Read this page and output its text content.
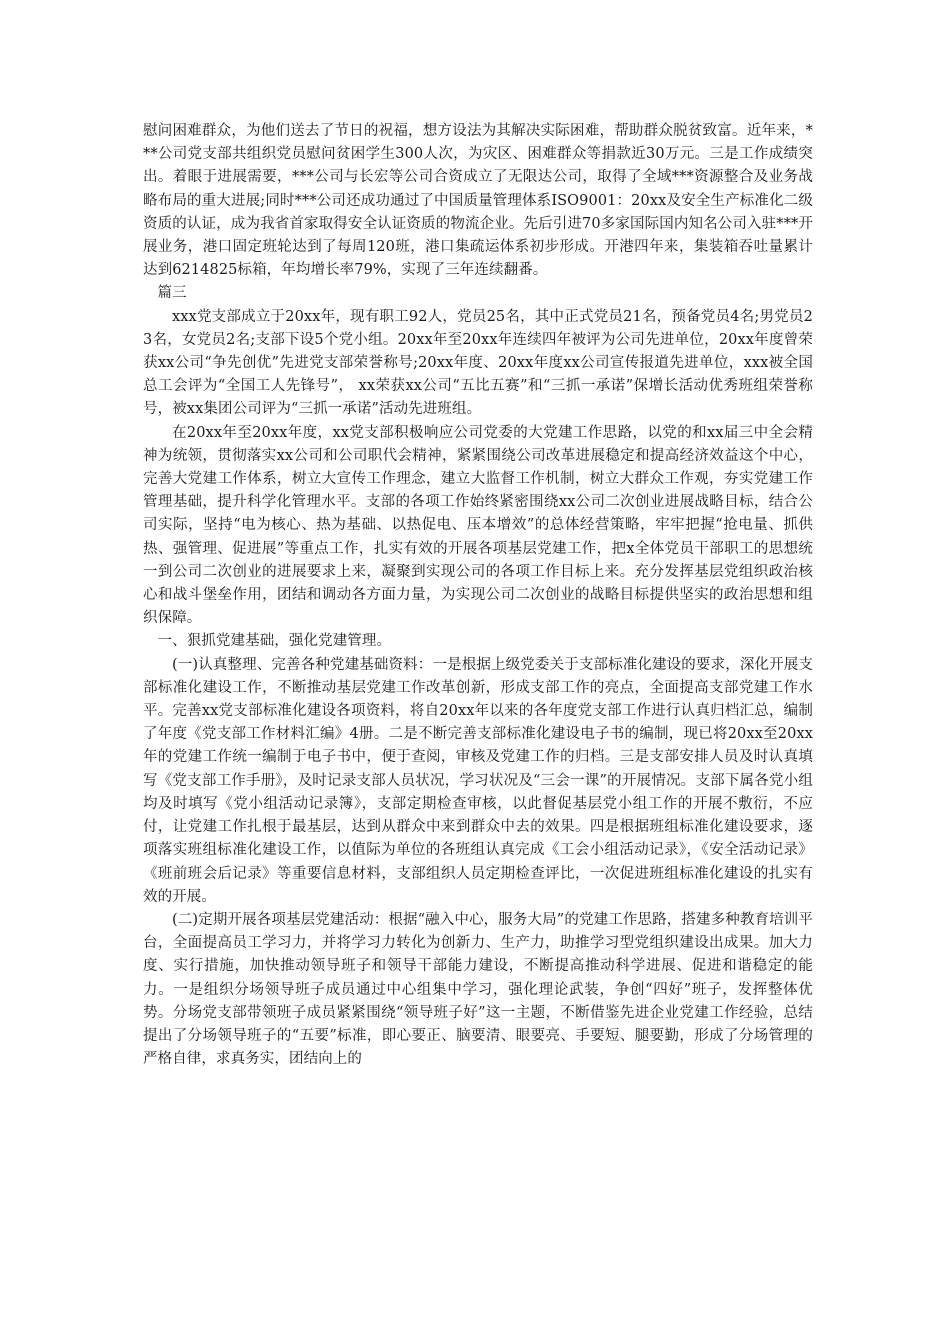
慰问困难群众，为他们送去了节日的祝福，想方设法为其解决实际困难，帮助群众脱贫致富。近年来，***公司党支部共组织党员慰问贫困学生300人次，为灾区、困难群众等捐款近30万元。三是工作成绩突出。着眼于进展需要，***公司与长宏等公司合资成立了无限达公司，取得了全域***资源整合及业务战略布局的重大进展;同时***公司还成功通过了中国质量管理体系ISO9001：20xx及安全生产标准化二级资质的认证，成为我省首家取得安全认证资质的物流企业。先后引进70多家国际国内知名公司入驻***开展业务，港口固定班轮达到了每周120班，港口集疏运体系初步形成。开港四年来，集装箱吞吐量累计达到6214825标箱，年均增长率79%，实现了三年连续翻番。

篇三

xxx党支部成立于20xx年，现有职工92人，党员25名，其中正式党员21名，预备党员4名;男党员23名，女党员2名;支部下设5个党小组。20xx年至20xx年连续四年被评为公司先进单位，20xx年度曾荣获xx公司“争先创优”先进党支部荣誉称号;20xx年度、20xx年度xx公司宣传报道先进单位，xxx被全国总工会评为“全国工人先锋号”， xx荣获xx公司“五比五赛”和“三抓一承诺”保增长活动优秀班组荣誉称号，被xx集团公司评为“三抓一承诺”活动先进班组。

在20xx年至20xx年度，xx党支部积极响应公司党委的大党建工作思路，以党的和xx届三中全会精神为统领，贯彻落实xx公司和公司职代会精神，紧紧围绕公司改革进展稳定和提高经济效益这个中心，完善大党建工作体系，树立大宣传工作理念，建立大监督工作机制，树立大群众工作观，夯实党建工作管理基础，提升科学化管理水平。支部的各项工作始终紧密围绕xx公司二次创业进展战略目标，结合公司实际，坚持“电为核心、热为基础、以热促电、压本增效”的总体经营策略，牢牢把握“抢电量、抓供热、强管理、促进展”等重点工作，扎实有效的开展各项基层党建工作，把x全体党员干部职工的思想统一到公司二次创业的进展要求上来，凝聚到实现公司的各项工作目标上来。充分发挥基层党组织政治核心和战斗堡垒作用，团结和调动各方面力量，为实现公司二次创业的战略目标提供坚实的政治思想和组织保障。

一、狠抓党建基础，强化党建管理。

(一)认真整理、完善各种党建基础资料：一是根据上级党委关于支部标准化建设的要求，深化开展支部标准化建设工作，不断推动基层党建工作改革创新，形成支部工作的亮点，全面提高支部党建工作水平。完善xx党支部标准化建设各项资料，将自20xx年以来的各年度党支部工作进行认真归档汇总，编制了年度《党支部工作材料汇编》4册。二是不断完善支部标准化建设电子书的编制，现已将20xx至20xx年的党建工作统一编制于电子书中，便于查阅，审核及党建工作的归档。三是支部安排人员及时认真填写《党支部工作手册》，及时记录支部人员状况，学习状况及“三会一课”的开展情况。支部下属各党小组均及时填写《党小组活动记录簿》，支部定期检查审核，以此督促基层党小组工作的开展不敷衍，不应付，让党建工作扎根于最基层，达到从群众中来到群众中去的效果。四是根据班组标准化建设要求，逐项落实班组标准化建设工作，以值际为单位的各班组认真完成《工会小组活动记录》，《安全活动记录》《班前班会后记录》等重要信息材料，支部组织人员定期检查评比，一次促进班组标准化建设的扎实有效的开展。

(二)定期开展各项基层党建活动：根据“融入中心，服务大局”的党建工作思路，搭建多种教育培训平台，全面提高员工学习力，并将学习力转化为创新力、生产力，助推学习型党组织建设出成果。加大力度、实行措施，加快推动领导班子和领导干部能力建设，不断提高推动科学进展、促进和谐稳定的能力。一是组织分场领导班子成员通过中心组集中学习，强化理论武装，争创“四好”班子，发挥整体优势。分场党支部带领班子成员紧紧围绕“领导班子好”这一主题，不断借鉴先进企业党建工作经验，总结提出了分场领导班子的“五要”标准，即心要正、脑要清、眼要亮、手要短、腿要勤，形成了分场管理的严格自律，求真务实，团结向上的
